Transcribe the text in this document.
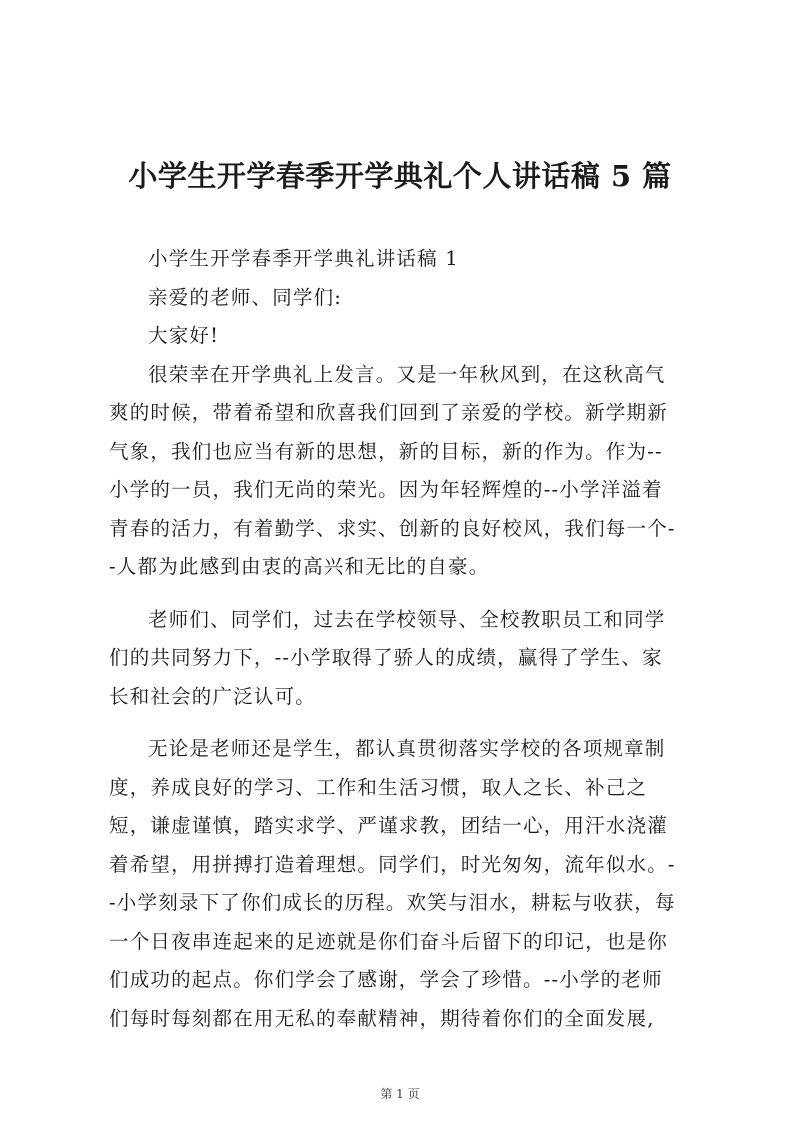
小学生开学春季开学典礼个人讲话稿 5 篇

小学生开学春季开学典礼讲话稿 1

亲爱的老师、同学们:

大家好!

很荣幸在开学典礼上发言。又是一年秋风到，在这秋高气

爽的时候，带着希望和欣喜我们回到了亲爱的学校。新学期新

气象，我们也应当有新的思想，新的目标，新的作为。作为--

小学的一员，我们无尚的荣光。因为年轻辉煌的--小学洋溢着

青春的活力，有着勤学、求实、创新的良好校风，我们每一个-

-人都为此感到由衷的高兴和无比的自豪。

老师们、同学们，过去在学校领导、全校教职员工和同学

们的共同努力下，--小学取得了骄人的成绩，赢得了学生、家

长和社会的广泛认可。

无论是老师还是学生，都认真贯彻落实学校的各项规章制

度，养成良好的学习、工作和生活习惯，取人之长、补己之

短，谦虚谨慎，踏实求学、严谨求教，团结一心，用汗水浇灌

着希望，用拼搏打造着理想。同学们，时光匆匆，流年似水。-

-小学刻录下了你们成长的历程。欢笑与泪水，耕耘与收获，每

一个日夜串连起来的足迹就是你们奋斗后留下的印记，也是你

们成功的起点。你们学会了感谢，学会了珍惜。--小学的老师

们每时每刻都在用无私的奉献精神，期待着你们的全面发展,

第 1 页
